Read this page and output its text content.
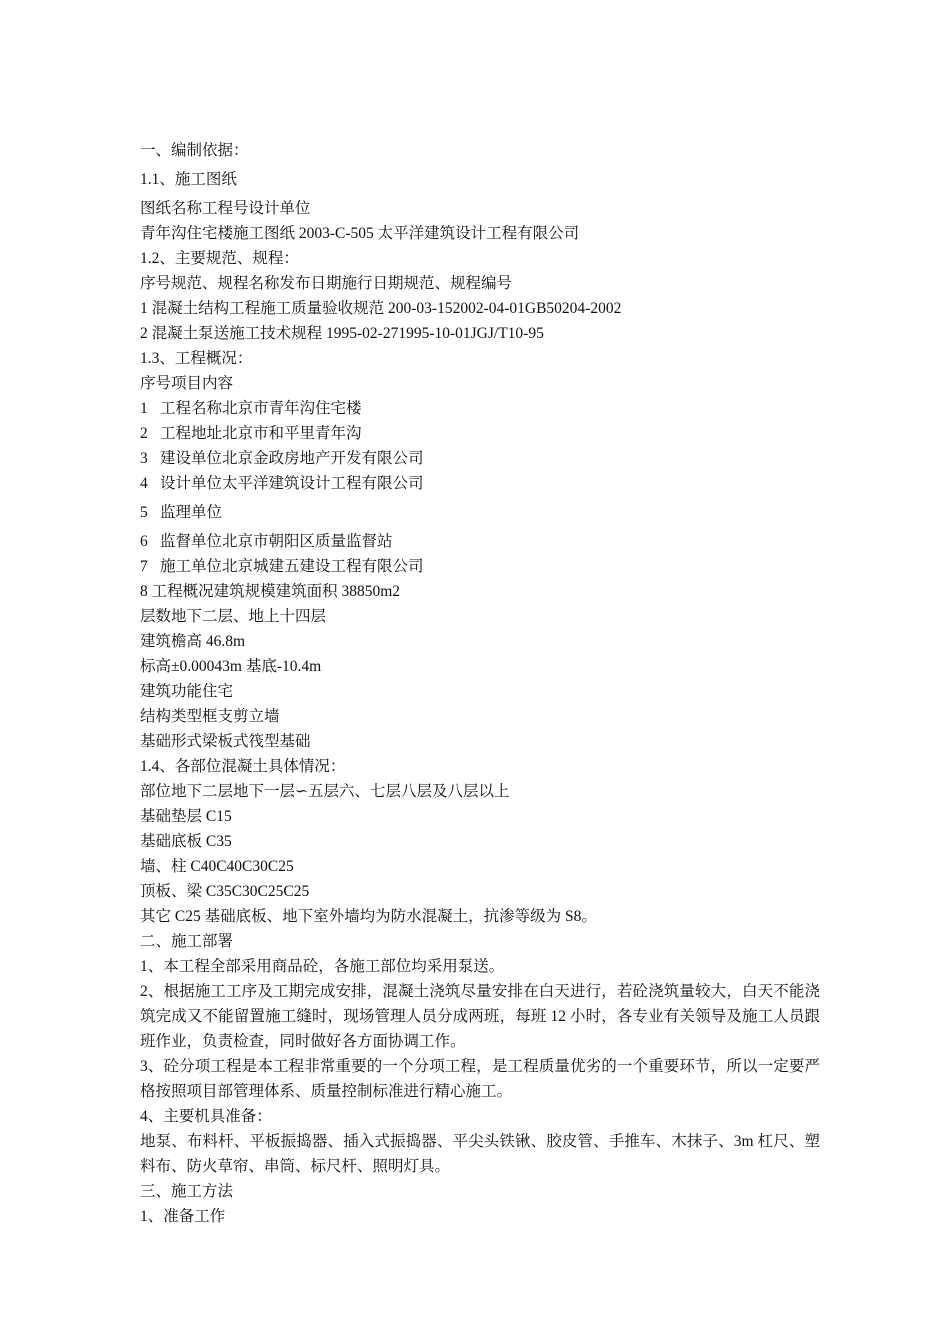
一、编制依据：
1.1、施工图纸
图纸名称工程号设计单位
青年沟住宅楼施工图纸 2003-C-505 太平洋建筑设计工程有限公司
1.2、主要规范、规程：
序号规范、规程名称发布日期施行日期规范、规程编号
1 混凝土结构工程施工质量验收规范 200-03-152002-04-01GB50204-2002
2 混凝土泵送施工技术规程 1995-02-271995-10-01JGJ/T10-95
1.3、工程概况：
序号项目内容
1 工程名称北京市青年沟住宅楼
2 工程地址北京市和平里青年沟
3 建设单位北京金政房地产开发有限公司
4 设计单位太平洋建筑设计工程有限公司
5 监理单位
6 监督单位北京市朝阳区质量监督站
7 施工单位北京城建五建设工程有限公司
8 工程概况建筑规模建筑面积 38850m2
层数地下二层、地上十四层
建筑檐高 46.8m
标高±0.00043m 基底-10.4m
建筑功能住宅
结构类型框支剪立墙
基础形式梁板式筏型基础
1.4、各部位混凝土具体情况：
部位地下二层地下一层∽五层六、七层八层及八层以上
基础垫层 C15
基础底板 C35
墙、柱 C40C40C30C25
顶板、梁 C35C30C25C25
其它 C25 基础底板、地下室外墙均为防水混凝土，抗渗等级为 S8。
二、施工部署
1、本工程全部采用商品砼，各施工部位均采用泵送。
2、根据施工工序及工期完成安排，混凝土浇筑尽量安排在白天进行，若砼浇筑量较大，白天不能浇筑完成又不能留置施工缝时，现场管理人员分成两班，每班 12 小时，各专业有关领导及施工人员跟班作业，负责检查，同时做好各方面协调工作。
3、砼分项工程是本工程非常重要的一个分项工程，是工程质量优劣的一个重要环节，所以一定要严格按照项目部管理体系、质量控制标准进行精心施工。
4、主要机具准备：
地泵、布料杆、平板振捣器、插入式振捣器、平尖头铁锹、胶皮管、手推车、木抹子、3m 杠尺、塑料布、防火草帘、串筒、标尺杆、照明灯具。
三、施工方法
1、准备工作
